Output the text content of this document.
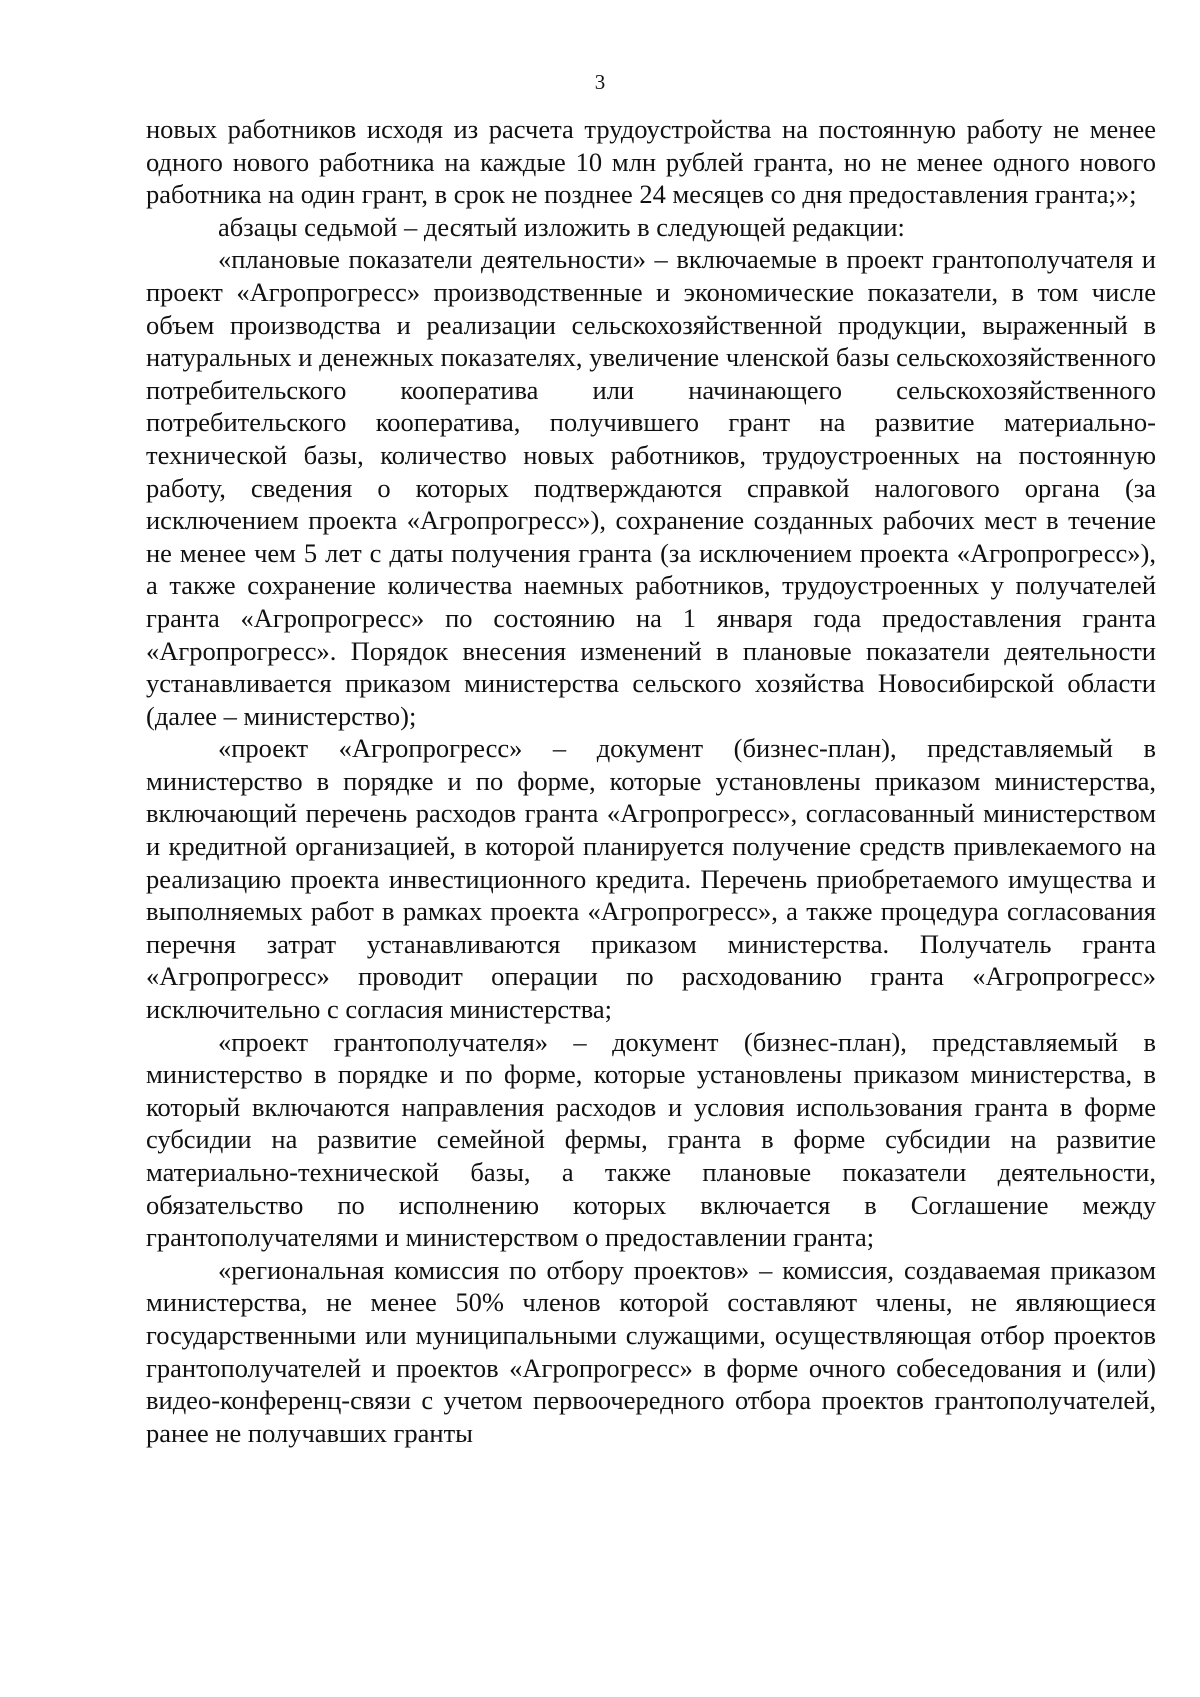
3

новых работников исходя из расчета трудоустройства на постоянную работу не менее одного нового работника на каждые 10 млн рублей гранта, но не менее одного нового работника на один грант, в срок не позднее 24 месяцев со дня предоставления гранта;»;

абзацы седьмой – десятый изложить в следующей редакции:

«плановые показатели деятельности» – включаемые в проект грантополучателя и проект «Агропрогресс» производственные и экономические показатели, в том числе объем производства и реализации сельскохозяйственной продукции, выраженный в натуральных и денежных показателях, увеличение членской базы сельскохозяйственного потребительского кооператива или начинающего сельскохозяйственного потребительского кооператива, получившего грант на развитие материально-технической базы, количество новых работников, трудоустроенных на постоянную работу, сведения о которых подтверждаются справкой налогового органа (за исключением проекта «Агропрогресс»), сохранение созданных рабочих мест в течение не менее чем 5 лет с даты получения гранта (за исключением проекта «Агропрогресс»), а также сохранение количества наемных работников, трудоустроенных у получателей гранта «Агропрогресс» по состоянию на 1 января года предоставления гранта «Агропрогресс». Порядок внесения изменений в плановые показатели деятельности устанавливается приказом министерства сельского хозяйства Новосибирской области (далее – министерство);

«проект «Агропрогресс» – документ (бизнес-план), представляемый в министерство в порядке и по форме, которые установлены приказом министерства, включающий перечень расходов гранта «Агропрогресс», согласованный министерством и кредитной организацией, в которой планируется получение средств привлекаемого на реализацию проекта инвестиционного кредита. Перечень приобретаемого имущества и выполняемых работ в рамках проекта «Агропрогресс», а также процедура согласования перечня затрат устанавливаются приказом министерства. Получатель гранта «Агропрогресс» проводит операции по расходованию гранта «Агропрогресс» исключительно с согласия министерства;

«проект грантополучателя» – документ (бизнес-план), представляемый в министерство в порядке и по форме, которые установлены приказом министерства, в который включаются направления расходов и условия использования гранта в форме субсидии на развитие семейной фермы, гранта в форме субсидии на развитие материально-технической базы, а также плановые показатели деятельности, обязательство по исполнению которых включается в Соглашение между грантополучателями и министерством о предоставлении гранта;

«региональная комиссия по отбору проектов» – комиссия, создаваемая приказом министерства, не менее 50% членов которой составляют члены, не являющиеся государственными или муниципальными служащими, осуществляющая отбор проектов грантополучателей и проектов «Агропрогресс» в форме очного собеседования и (или) видео-конференц-связи с учетом первоочередного отбора проектов грантополучателей, ранее не получавших гранты
